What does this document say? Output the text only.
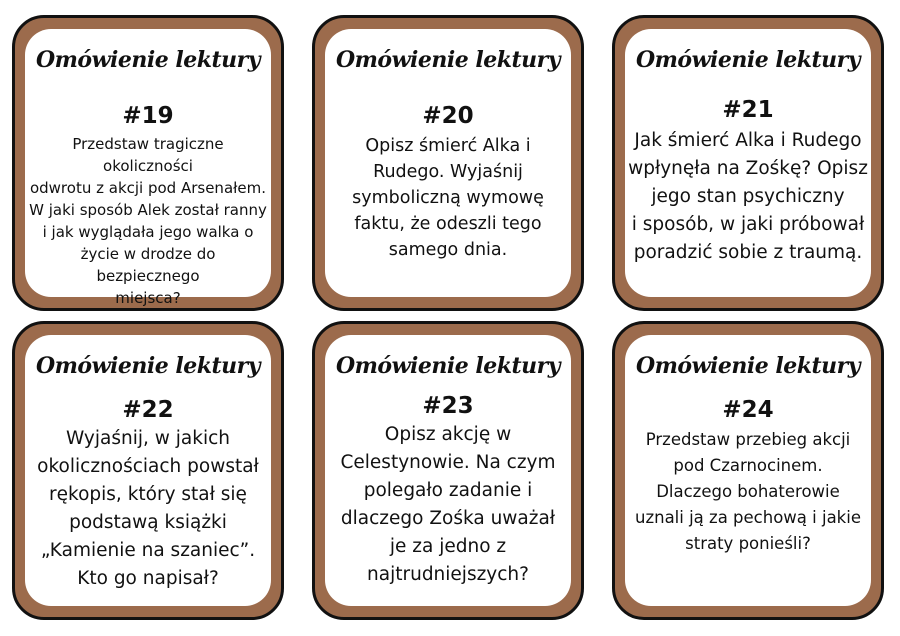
Omówienie lektury
#19
Przedstaw tragiczne okoliczności
odwrotu z akcji pod Arsenałem.
W jaki sposób Alek został ranny
i jak wyglądała jego walka o
życie w drodze do bezpiecznego
miejsca?
Omówienie lektury
#20
Opisz śmierć Alka i
Rudego. Wyjaśnij
symboliczną wymowę
faktu, że odeszli tego
samego dnia.
Omówienie lektury
#21
Jak śmierć Alka i Rudego
wpłynęła na Zośkę? Opisz
jego stan psychiczny
i sposób, w jaki próbował
poradzić sobie z traumą.
Omówienie lektury
#22
Wyjaśnij, w jakich
okolicznościach powstał
rękopis, który stał się
podstawą książki
„Kamienie na szaniec”.
Kto go napisał?
Omówienie lektury
#23
Opisz akcję w
Celestynowie. Na czym
polegało zadanie i
dlaczego Zośka uważał
je za jedno z
najtrudniejszych?
Omówienie lektury
#24
Przedstaw przebieg akcji
pod Czarnocinem.
Dlaczego bohaterowie
uznali ją za pechową i jakie
straty ponieśli?
